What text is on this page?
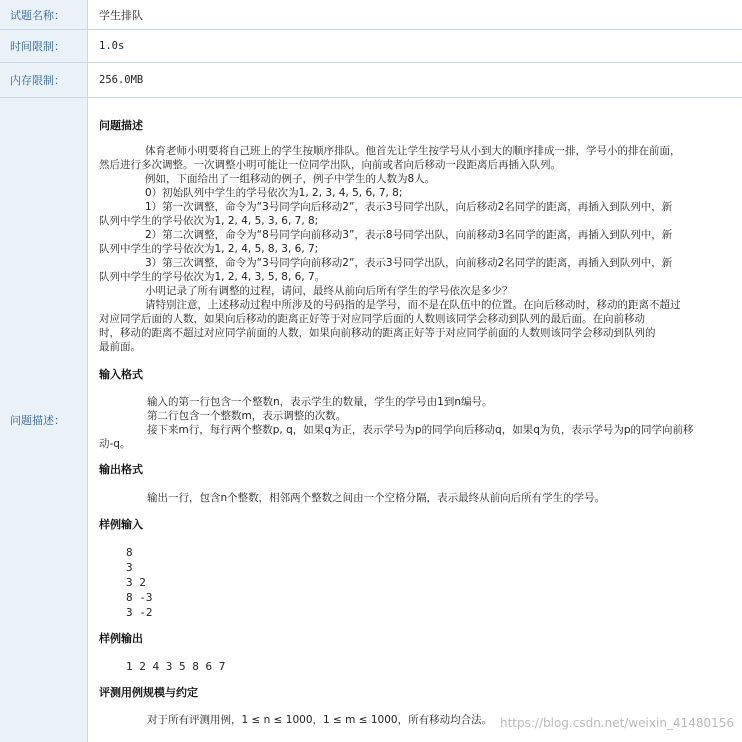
试题名称：	学生排队
时间限制：	1.0s
内存限制：	256.0MB
问题描述：
问题描述
体育老师小明要将自己班上的学生按顺序排队。他首先让学生按学号从小到大的顺序排成一排，学号小的排在前面，
然后进行多次调整。一次调整小明可能让一位同学出队，向前或者向后移动一段距离后再插入队列。
例如，下面给出了一组移动的例子，例子中学生的人数为8人。
0）初始队列中学生的学号依次为1, 2, 3, 4, 5, 6, 7, 8;
1）第一次调整，命令为“3号同学向后移动2”，表示3号同学出队，向后移动2名同学的距离，再插入到队列中，新
队列中学生的学号依次为1, 2, 4, 5, 3, 6, 7, 8;
2）第二次调整，命令为“8号同学向前移动3”，表示8号同学出队，向前移动3名同学的距离，再插入到队列中，新
队列中学生的学号依次为1, 2, 4, 5, 8, 3, 6, 7;
3）第三次调整，命令为“3号同学向前移动2”，表示3号同学出队，向前移动2名同学的距离，再插入到队列中，新
队列中学生的学号依次为1, 2, 4, 3, 5, 8, 6, 7。
小明记录了所有调整的过程，请问，最终从前向后所有学生的学号依次是多少？
请特别注意，上述移动过程中所涉及的号码指的是学号，而不是在队伍中的位置。在向后移动时，移动的距离不超过
对应同学后面的人数，如果向后移动的距离正好等于对应同学后面的人数则该同学会移动到队列的最后面。在向前移动
时，移动的距离不超过对应同学前面的人数，如果向前移动的距离正好等于对应同学前面的人数则该同学会移动到队列的
最前面。
输入格式
输入的第一行包含一个整数n，表示学生的数量，学生的学号由1到n编号。
第二行包含一个整数m，表示调整的次数。
接下来m行，每行两个整数p, q，如果q为正，表示学号为p的同学向后移动q，如果q为负，表示学号为p的同学向前移
动-q。
输出格式
输出一行，包含n个整数，相邻两个整数之间由一个空格分隔，表示最终从前向后所有学生的学号。
样例输入
8
3
3 2
8 -3
3 -2
样例输出
1 2 4 3 5 8 6 7
评测用例规模与约定
对于所有评测用例，1 ≤ n ≤ 1000，1 ≤ m ≤ 1000，所有移动均合法。 https://blog.csdn.net/weixin_41480156
